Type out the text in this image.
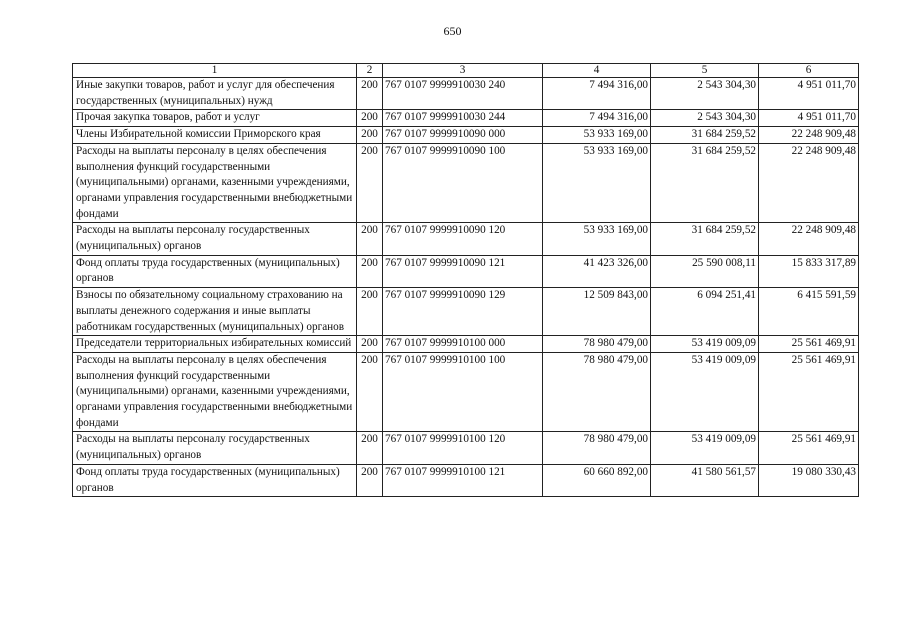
650
1	2	3	4	5	6
Иные закупки товаров, работ и услуг для обеспечения государственных (муниципальных) нужд	200	767 0107 9999910030 240	7 494 316,00	2 543 304,30	4 951 011,70
Прочая закупка товаров, работ и услуг	200	767 0107 9999910030 244	7 494 316,00	2 543 304,30	4 951 011,70
Члены Избирательной комиссии Приморского края	200	767 0107 9999910090 000	53 933 169,00	31 684 259,52	22 248 909,48
Расходы на выплаты персоналу в целях обеспечения выполнения функций государственными (муниципальными) органами, казенными учреждениями, органами управления государственными внебюджетными фондами	200	767 0107 9999910090 100	53 933 169,00	31 684 259,52	22 248 909,48
Расходы на выплаты персоналу государственных (муниципальных) органов	200	767 0107 9999910090 120	53 933 169,00	31 684 259,52	22 248 909,48
Фонд оплаты труда государственных (муниципальных) органов	200	767 0107 9999910090 121	41 423 326,00	25 590 008,11	15 833 317,89
Взносы по обязательному социальному страхованию на выплаты денежного содержания и иные выплаты работникам государственных (муниципальных) органов	200	767 0107 9999910090 129	12 509 843,00	6 094 251,41	6 415 591,59
Председатели территориальных избирательных комиссий	200	767 0107 9999910100 000	78 980 479,00	53 419 009,09	25 561 469,91
Расходы на выплаты персоналу в целях обеспечения выполнения функций государственными (муниципальными) органами, казенными учреждениями, органами управления государственными внебюджетными фондами	200	767 0107 9999910100 100	78 980 479,00	53 419 009,09	25 561 469,91
Расходы на выплаты персоналу государственных (муниципальных) органов	200	767 0107 9999910100 120	78 980 479,00	53 419 009,09	25 561 469,91
Фонд оплаты труда государственных (муниципальных) органов	200	767 0107 9999910100 121	60 660 892,00	41 580 561,57	19 080 330,43
